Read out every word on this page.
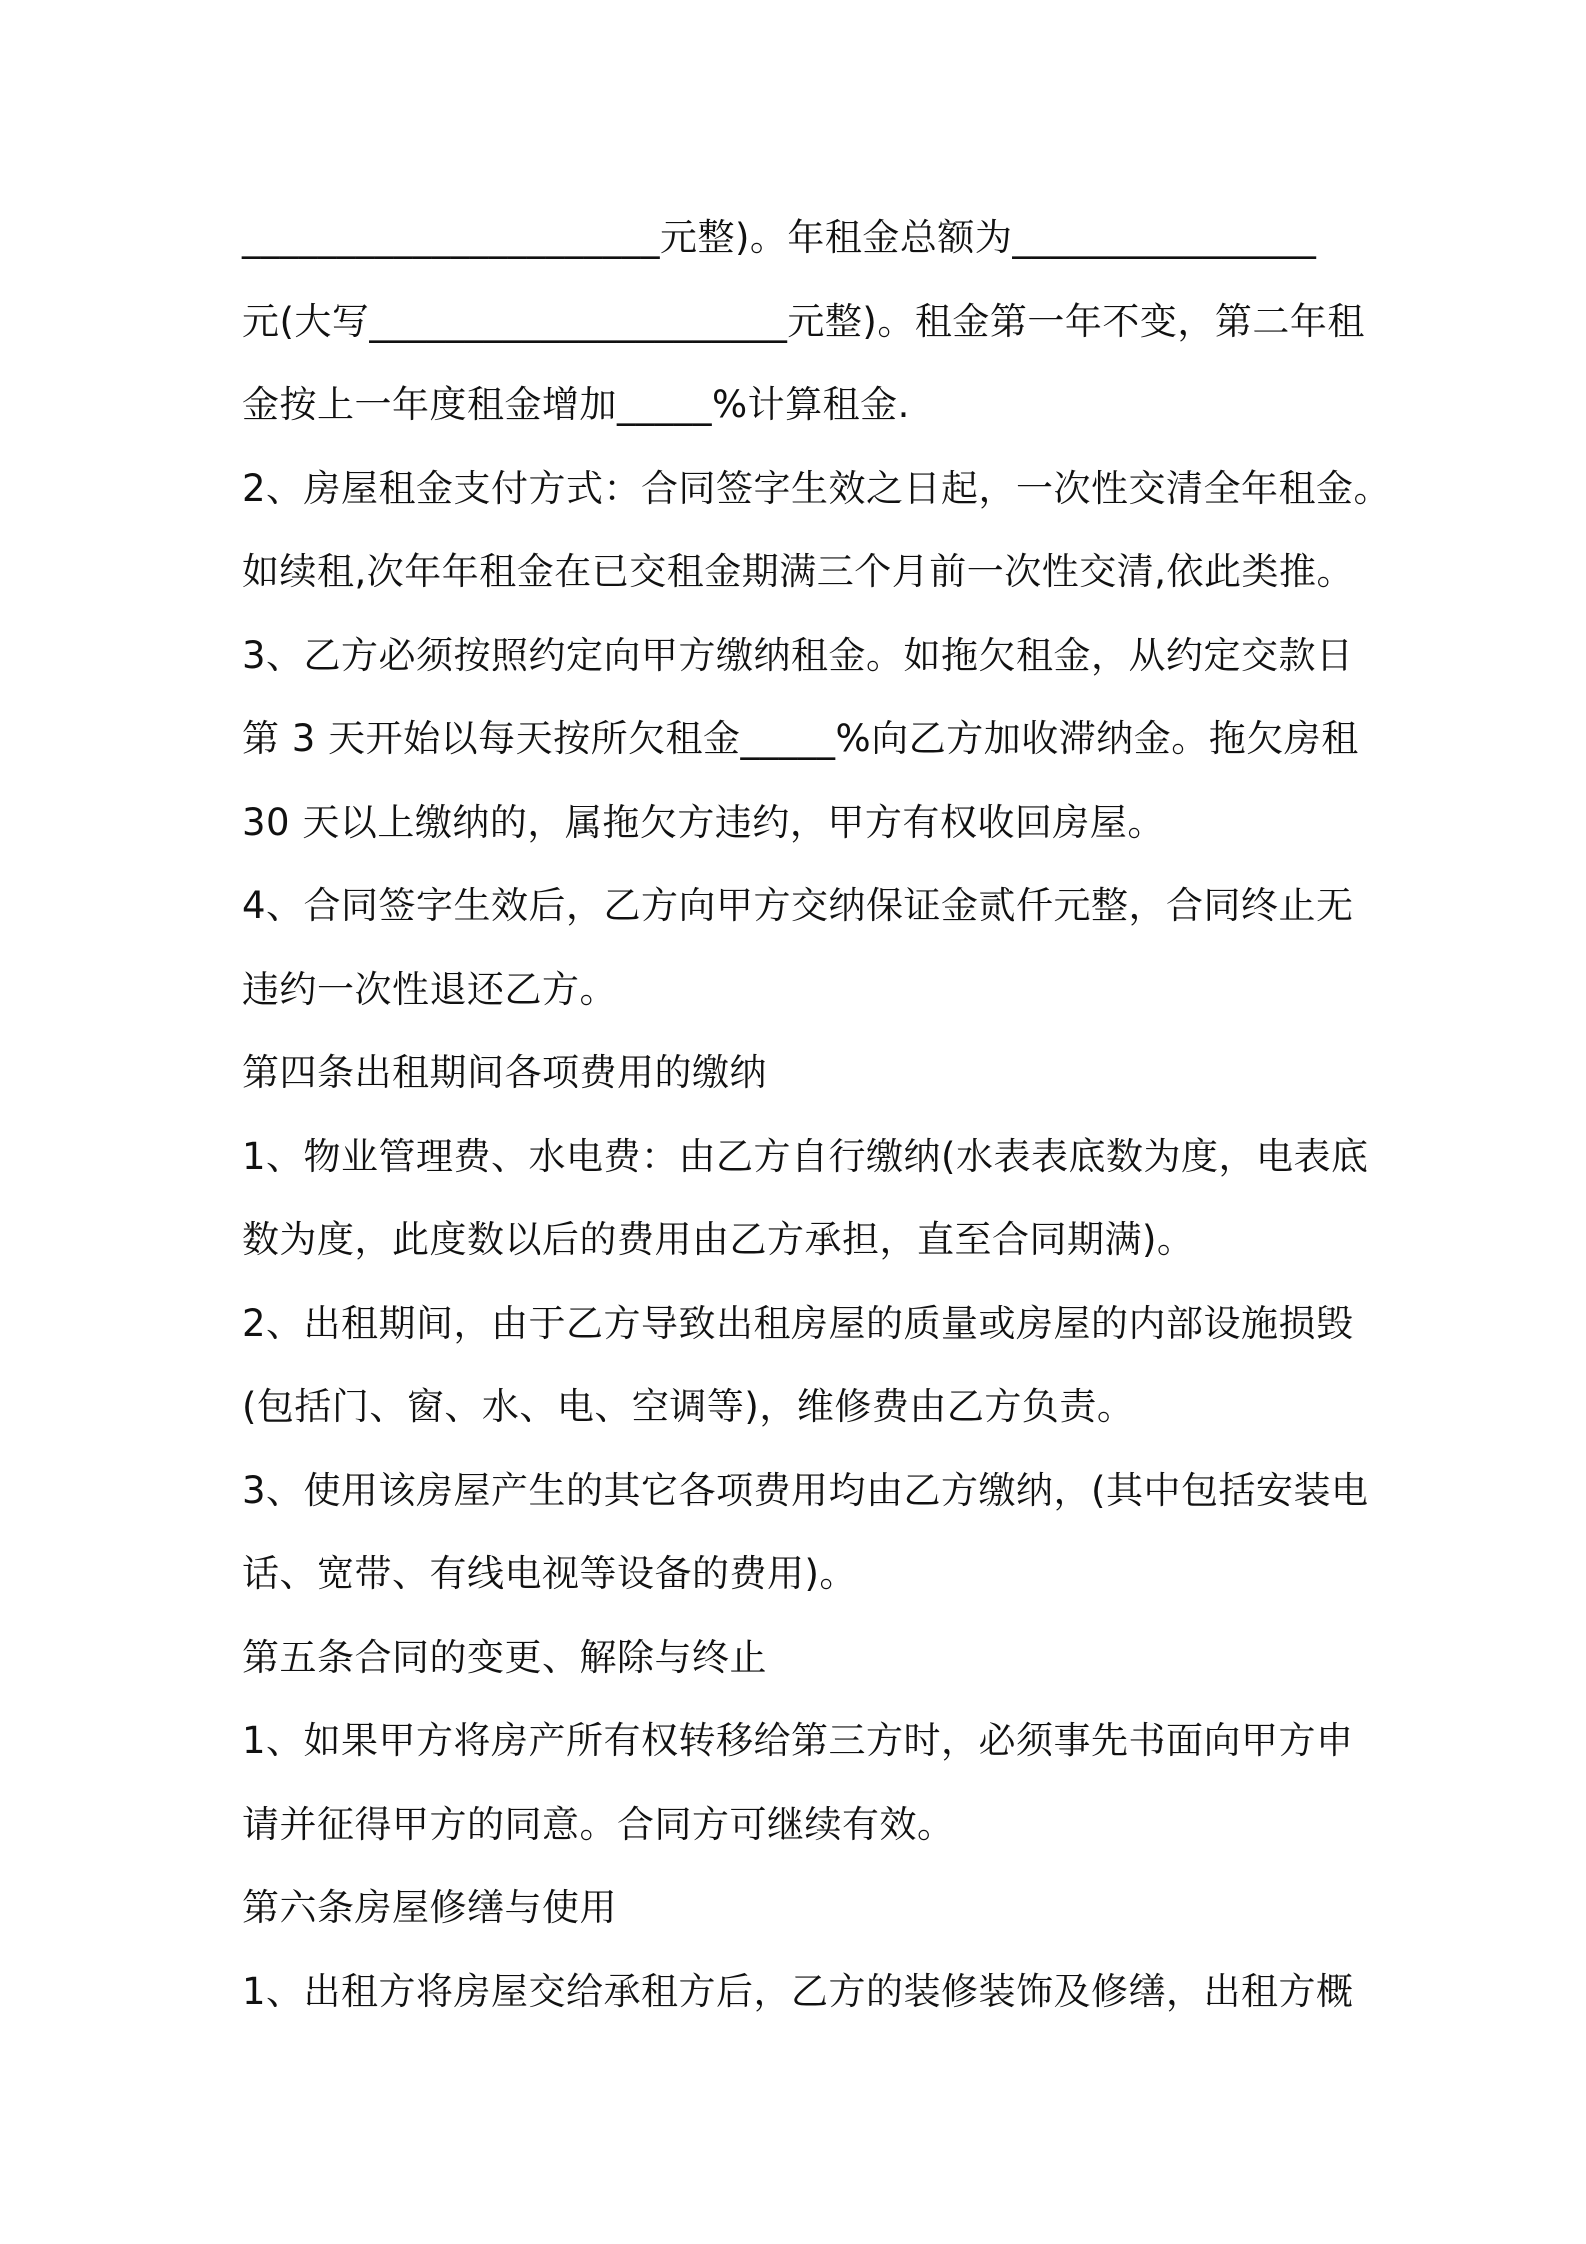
______________________元整)。年租金总额为________________
元(大写______________________元整)。租金第一年不变，第二年租
金按上一年度租金增加_____%计算租金.
2、房屋租金支付方式：合同签字生效之日起，一次性交清全年租金。
如续租,次年年租金在已交租金期满三个月前一次性交清,依此类推。
3、乙方必须按照约定向甲方缴纳租金。如拖欠租金，从约定交款日
第 3 天开始以每天按所欠租金_____%向乙方加收滞纳金。拖欠房租
30 天以上缴纳的，属拖欠方违约，甲方有权收回房屋。
4、合同签字生效后，乙方向甲方交纳保证金贰仟元整，合同终止无
违约一次性退还乙方。
第四条出租期间各项费用的缴纳
1、物业管理费、水电费：由乙方自行缴纳(水表表底数为度，电表底
数为度，此度数以后的费用由乙方承担，直至合同期满)。
2、出租期间，由于乙方导致出租房屋的质量或房屋的内部设施损毁
(包括门、窗、水、电、空调等)，维修费由乙方负责。
3、使用该房屋产生的其它各项费用均由乙方缴纳，(其中包括安装电
话、宽带、有线电视等设备的费用)。
第五条合同的变更、解除与终止
1、如果甲方将房产所有权转移给第三方时，必须事先书面向甲方申
请并征得甲方的同意。合同方可继续有效。
第六条房屋修缮与使用
1、出租方将房屋交给承租方后，乙方的装修装饰及修缮，出租方概
